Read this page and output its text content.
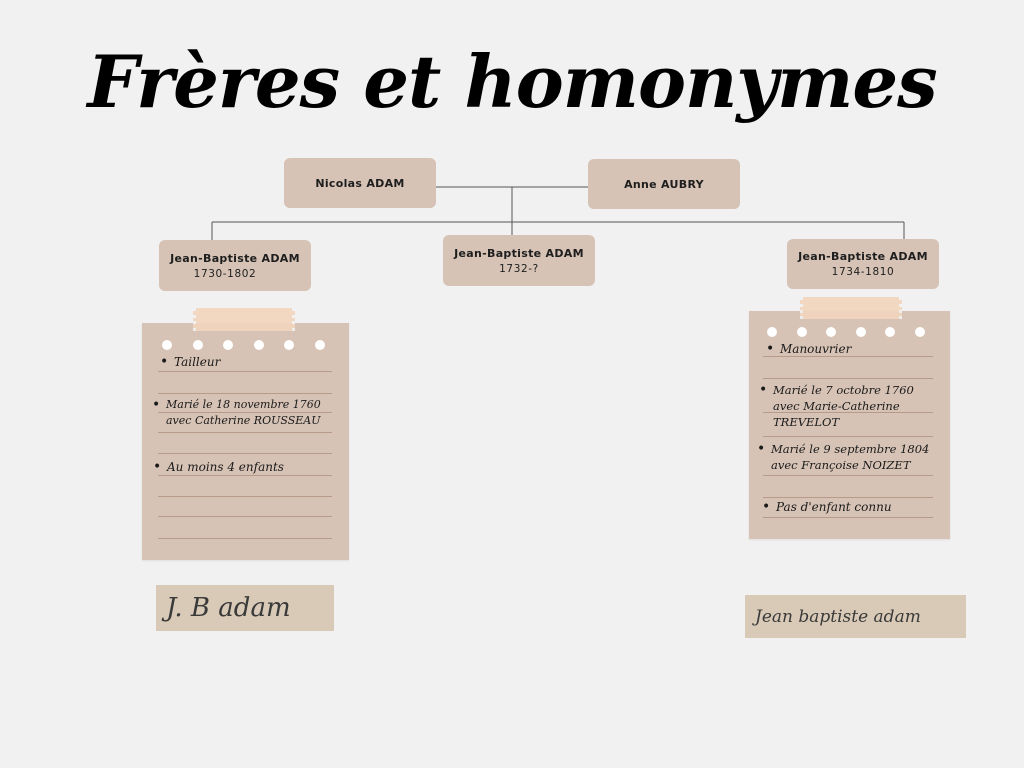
Frères et homonymes
Nicolas ADAM	Anne AUBRY
Jean-Baptiste ADAM
1730-1802
Jean-Baptiste ADAM
1732-?
Jean-Baptiste ADAM
1734-1810
• Tailleur
• Marié le 18 novembre 1760 avec Catherine ROUSSEAU
• Au moins 4 enfants
• Manouvrier
• Marié le 7 octobre 1760 avec Marie-Catherine TREVELOT
• Marié le 9 septembre 1804 avec Françoise NOIZET
• Pas d'enfant connu
J. B adam	Jean baptiste adam
